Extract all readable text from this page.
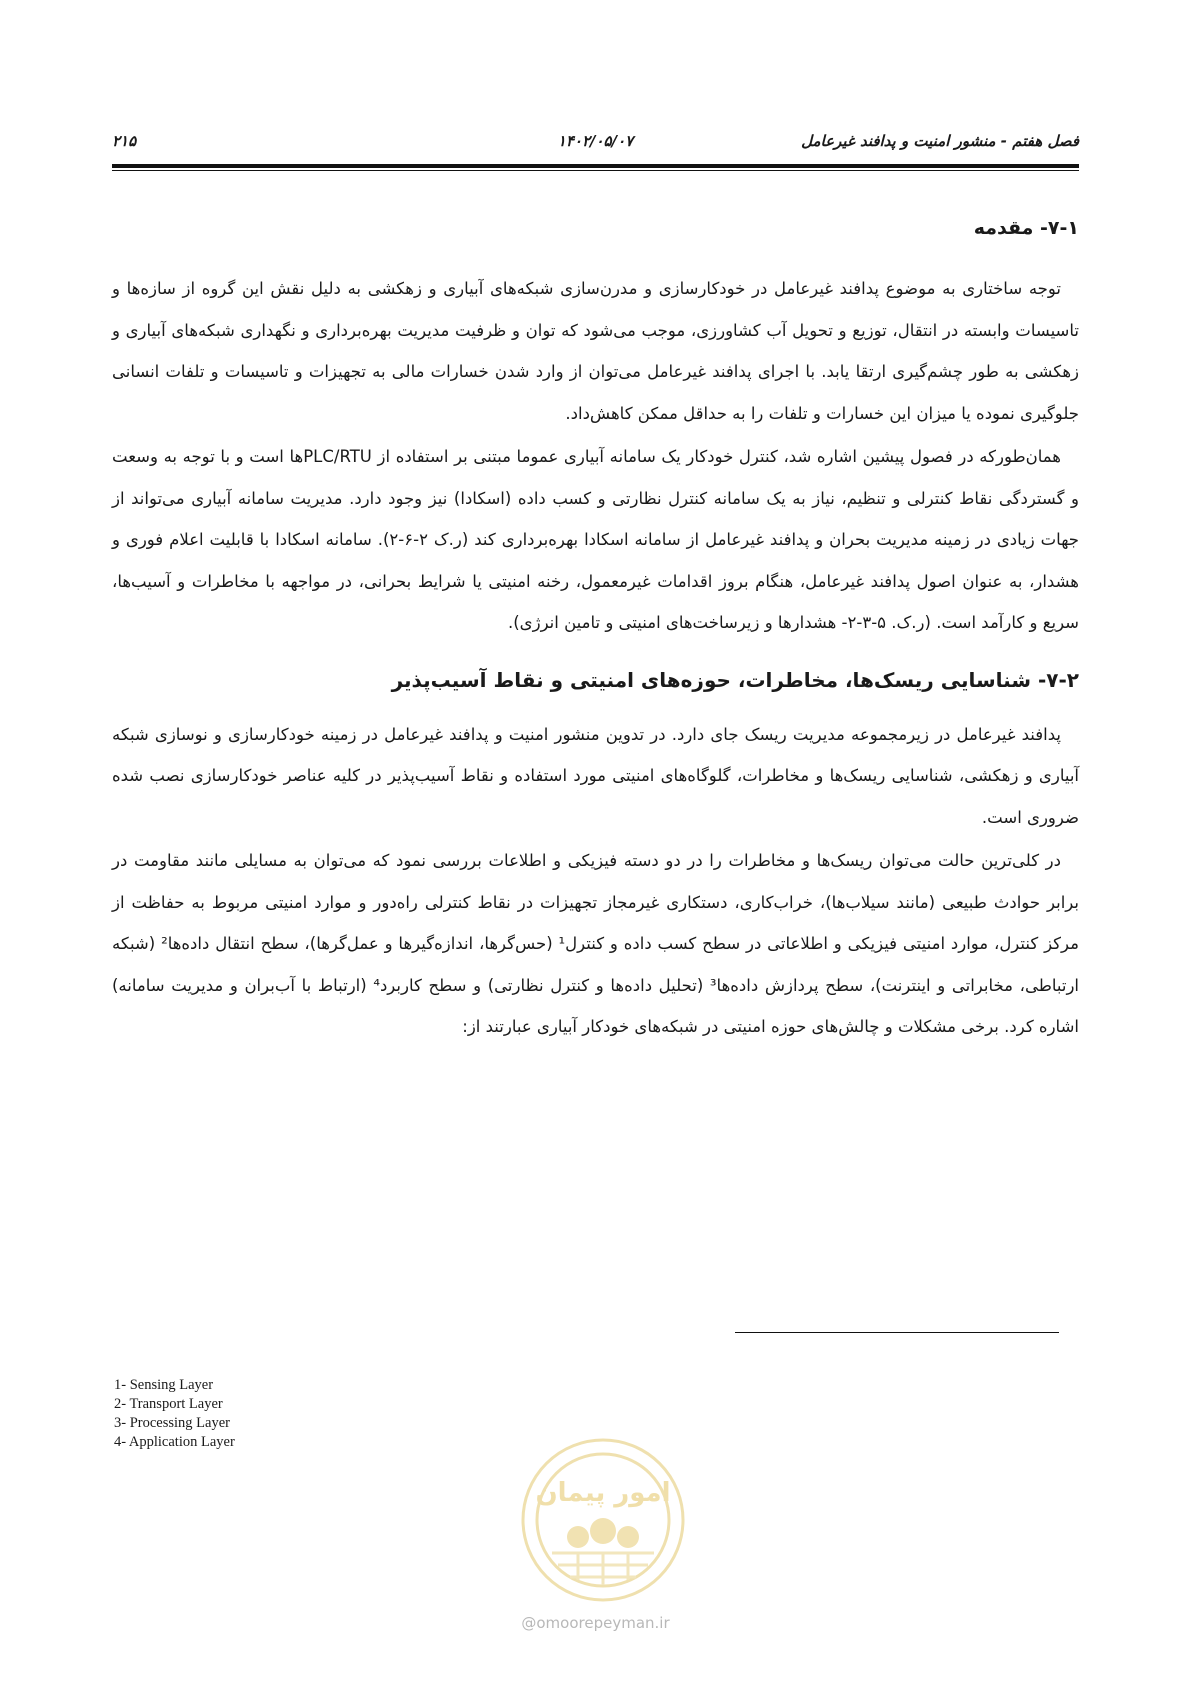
فصل هفتم - منشور امنیت و پدافند غیرعامل
۱۴۰۲/۰۵/۰۷
۲۱۵
۷-۱- مقدمه

توجه ساختاری به موضوع پدافند غیرعامل در خودکارسازی و مدرن‌سازی شبکه‌های آبیاری و زهکشی به دلیل نقش این گروه از سازه‌ها و تاسیسات وابسته در انتقال، توزیع و تحویل آب کشاورزی، موجب می‌شود که توان و ظرفیت مدیریت بهره‌برداری و نگهداری شبکه‌های آبیاری و زهکشی به طور چشم‌گیری ارتقا یابد. با اجرای پدافند غیرعامل می‌توان از وارد شدن خسارات مالی به تجهیزات و تاسیسات و تلفات انسانی جلوگیری نموده یا میزان این خسارات و تلفات را به حداقل ممکن کاهش‌داد.

همان‌طورکه در فصول پیشین اشاره شد، کنترل خودکار یک سامانه آبیاری عموما مبتنی بر استفاده از PLC/RTUها است و با توجه به وسعت و گستردگی نقاط کنترلی و تنظیم، نیاز به یک سامانه کنترل نظارتی و کسب داده (اسکادا) نیز وجود دارد. مدیریت سامانه آبیاری می‌تواند از جهات زیادی در زمینه مدیریت بحران و پدافند غیرعامل از سامانه اسکادا بهره‌برداری کند (ر.ک ۲-۶-۲). سامانه اسکادا با قابلیت اعلام فوری و هشدار، به عنوان اصول پدافند غیرعامل، هنگام بروز اقدامات غیرمعمول، رخنه امنیتی یا شرایط بحرانی، در مواجهه با مخاطرات و آسیب‌ها، سریع و کارآمد است. (ر.ک. ۵-۳-۲- هشدارها و زیرساخت‌های امنیتی و تامین انرژی).

۷-۲- شناسایی ریسک‌ها، مخاطرات، حوزه‌های امنیتی و نقاط آسیب‌پذیر

پدافند غیرعامل در زیرمجموعه مدیریت ریسک جای دارد. در تدوین منشور امنیت و پدافند غیرعامل در زمینه خودکارسازی و نوسازی شبکه آبیاری و زهکشی، شناسایی ریسک‌ها و مخاطرات، گلوگاه‌های امنیتی مورد استفاده و نقاط آسیب‌پذیر در کلیه عناصر خودکارسازی نصب شده ضروری است.

در کلی‌ترین حالت می‌توان ریسک‌ها و مخاطرات را در دو دسته فیزیکی و اطلاعات بررسی نمود که می‌توان به مسایلی مانند مقاومت در برابر حوادث طبیعی (مانند سیلاب‌ها)، خراب‌کاری، دستکاری غیرمجاز تجهیزات در نقاط کنترلی راه‌دور و موارد امنیتی مربوط به حفاظت از مرکز کنترل، موارد امنیتی فیزیکی و اطلاعاتی در سطح کسب داده و کنترل¹ (حس‌گرها، اندازه‌گیرها و عمل‌گرها)، سطح انتقال داده‌ها² (شبکه ارتباطی، مخابراتی و اینترنت)، سطح پردازش داده‌ها³ (تحلیل داده‌ها و کنترل نظارتی) و سطح کاربرد⁴ (ارتباط با آب‌بران و مدیریت سامانه) اشاره کرد. برخی مشکلات و چالش‌های حوزه امنیتی در شبکه‌های خودکار آبیاری عبارتند از:

1- Sensing Layer
2- Transport Layer
3- Processing Layer
4- Application Layer
امور پیمان
@omoorepeyman.ir
